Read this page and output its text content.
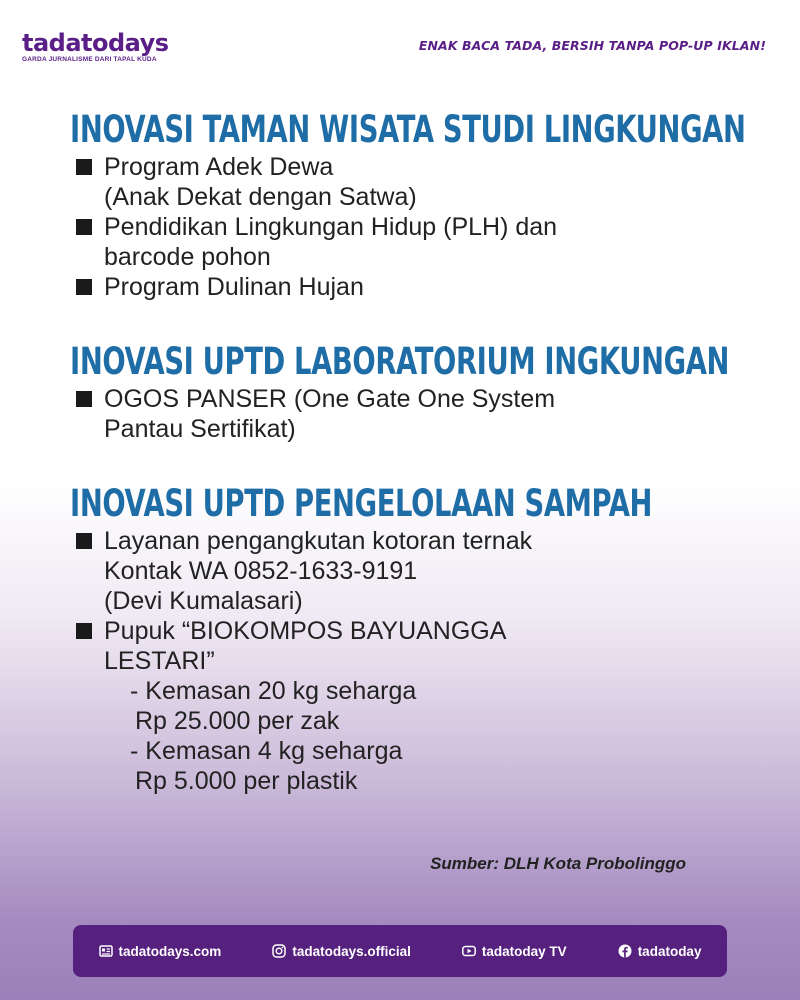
tadatodays
GARDA JURNALISME DARI TAPAL KUDA
ENAK BACA TADA, BERSIH TANPA POP-UP IKLAN!
INOVASI TAMAN WISATA STUDI LINGKUNGAN
Program Adek Dewa
(Anak Dekat dengan Satwa)
Pendidikan Lingkungan Hidup (PLH) dan
barcode pohon
Program Dulinan Hujan
INOVASI UPTD LABORATORIUM INGKUNGAN
OGOS PANSER (One Gate One System
Pantau Sertifikat)
INOVASI UPTD PENGELOLAAN SAMPAH
Layanan pengangkutan kotoran ternak
Kontak WA 0852-1633-9191
(Devi Kumalasari)
Pupuk “BIOKOMPOS BAYUANGGA
LESTARI”
- Kemasan 20 kg seharga
Rp 25.000 per zak
- Kemasan 4 kg seharga
Rp 5.000 per plastik
Sumber: DLH Kota Probolinggo
tadatodays.com	tadatodays.official	tadatoday TV	tadatoday
